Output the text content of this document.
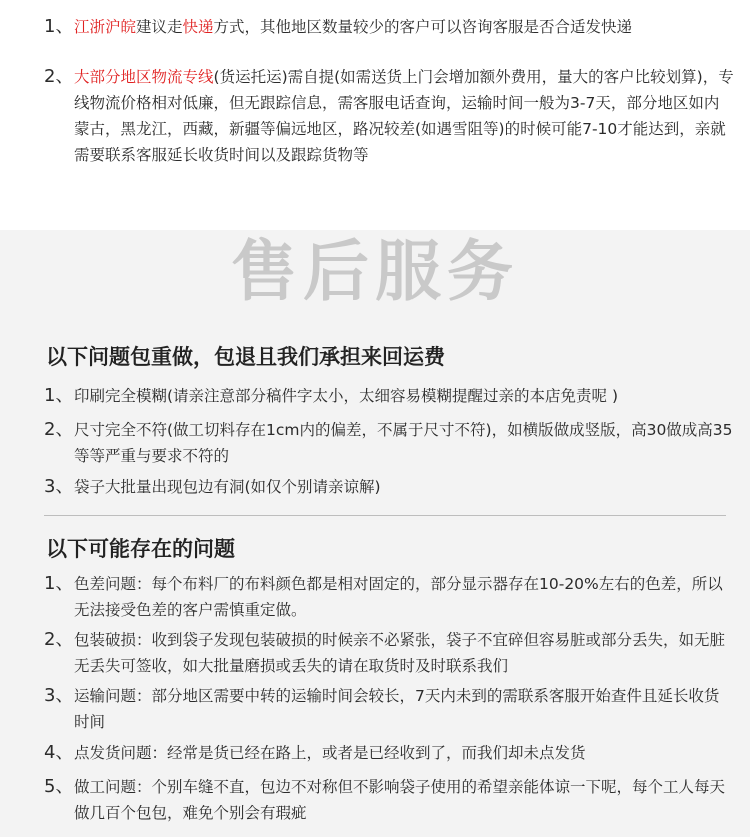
1、 江浙沪皖建议走快递方式，其他地区数量较少的客户可以咨询客服是否合适发快递
2、 大部分地区物流专线(货运托运)需自提(如需送货上门会增加额外费用，量大的客户比较划算)，专线物流价格相对低廉，但无跟踪信息，需客服电话查询，运输时间一般为3-7天，部分地区如内蒙古，黑龙江，西藏，新疆等偏远地区，路况较差(如遇雪阻等)的时候可能7-10才能达到，亲就需要联系客服延长收货时间以及跟踪货物等
售后服务
以下问题包重做，包退且我们承担来回运费
1、 印刷完全模糊(请亲注意部分稿件字太小，太细容易模糊提醒过亲的本店免责呢 )
2、 尺寸完全不符(做工切料存在1cm内的偏差，不属于尺寸不符)，如横版做成竖版，高30做成高35等等严重与要求不符的
3、 袋子大批量出现包边有洞(如仅个别请亲谅解)
以下可能存在的问题
1、 色差问题：每个布料厂的布料颜色都是相对固定的，部分显示器存在10-20%左右的色差，所以无法接受色差的客户需慎重定做。
2、 包装破损：收到袋子发现包装破损的时候亲不必紧张，袋子不宜碎但容易脏或部分丢失，如无脏无丢失可签收，如大批量磨损或丢失的请在取货时及时联系我们
3、 运输问题：部分地区需要中转的运输时间会较长，7天内未到的需联系客服开始查件且延长收货时间
4、 点发货问题：经常是货已经在路上，或者是已经收到了，而我们却未点发货
5、 做工问题：个别车缝不直，包边不对称但不影响袋子使用的希望亲能体谅一下呢，每个工人每天做几百个包包，难免个别会有瑕疵
